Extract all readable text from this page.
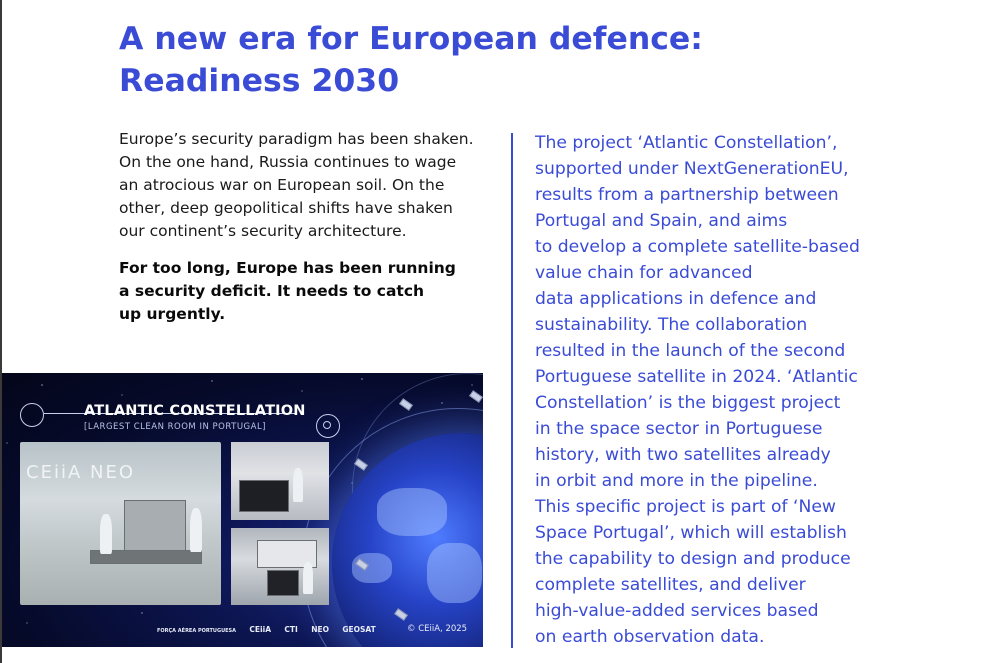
A new era for European defence:
Readiness 2030

Europe’s security paradigm has been shaken.
On the one hand, Russia continues to wage
an atrocious war on European soil. On the
other, deep geopolitical shifts have shaken
our continent’s security architecture.

For too long, Europe has been running
a security deficit. It needs to catch
up urgently.

The project ‘Atlantic Constellation’,
supported under NextGenerationEU,
results from a partnership between
Portugal and Spain, and aims
to develop a complete satellite-based
value chain for advanced
data applications in defence and
sustainability. The collaboration
resulted in the launch of the second
Portuguese satellite in 2024. ‘Atlantic
Constellation’ is the biggest project
in the space sector in Portuguese
history, with two satellites already
in orbit and more in the pipeline.
This specific project is part of ‘New
Space Portugal’, which will establish
the capability to design and produce
complete satellites, and deliver
high-value-added services based
on earth observation data.
ATLANTIC CONSTELLATION
[LARGEST CLEAN ROOM IN PORTUGAL]
CEiiA NEO
FORÇA AÉREA PORTUGUESA CEiiA CTI NEO GEOSAT	© CEiiA, 2025
